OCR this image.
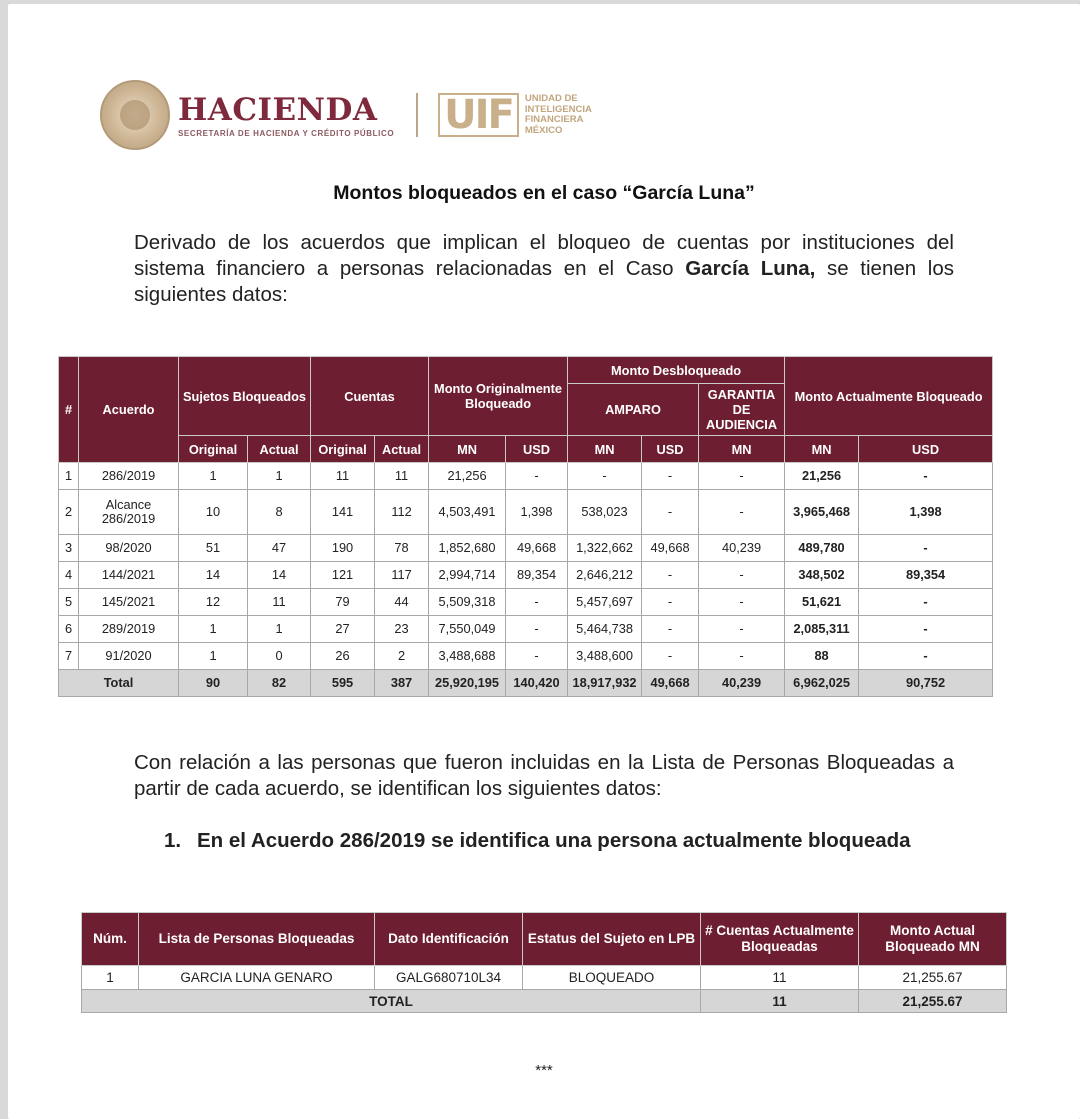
HACIENDA
SECRETARÍA DE HACIENDA Y CRÉDITO PÚBLICO UIF	UNIDAD DE
INTELIGENCIA
FINANCIERA
MÉXICO
Montos bloqueados en el caso “García Luna”
Derivado de los acuerdos que implican el bloqueo de cuentas por instituciones del sistema financiero a personas relacionadas en el Caso García Luna, se tienen los siguientes datos:
#	Acuerdo	Sujetos Bloqueados		Cuentas		Monto Originalmente Bloqueado		Monto Desbloqueado			Monto Actualmente Bloqueado	
								AMPARO		GARANTIA DE AUDIENCIA		
		Original	Actual	Original	Actual	MN	USD	MN	USD	MN	MN	USD
1	286/2019	1	1	11	11	21,256	-	-	-	-	21,256	-
2	Alcance 286/2019	10	8	141	112	4,503,491	1,398	538,023	-	-	3,965,468	1,398
3	98/2020	51	47	190	78	1,852,680	49,668	1,322,662	49,668	40,239	489,780	-
4	144/2021	14	14	121	117	2,994,714	89,354	2,646,212	-	-	348,502	89,354
5	145/2021	12	11	79	44	5,509,318	-	5,457,697	-	-	51,621	-
6	289/2019	1	1	27	23	7,550,049	-	5,464,738	-	-	2,085,311	-
7	91/2020	1	0	26	2	3,488,688	-	3,488,600	-	-	88	-
Total		90	82	595	387	25,920,195	140,420	18,917,932	49,668	40,239	6,962,025	90,752
Con relación a las personas que fueron incluidas en la Lista de Personas Bloqueadas a partir de cada acuerdo, se identifican los siguientes datos:
1. En el Acuerdo 286/2019 se identifica una persona actualmente bloqueada
Núm.	Lista de Personas Bloqueadas	Dato Identificación	Estatus del Sujeto en LPB	# Cuentas Actualmente Bloqueadas	Monto Actual Bloqueado MN
1	GARCIA LUNA GENARO	GALG680710L34	BLOQUEADO	11	21,255.67
TOTAL				11	21,255.67
***
